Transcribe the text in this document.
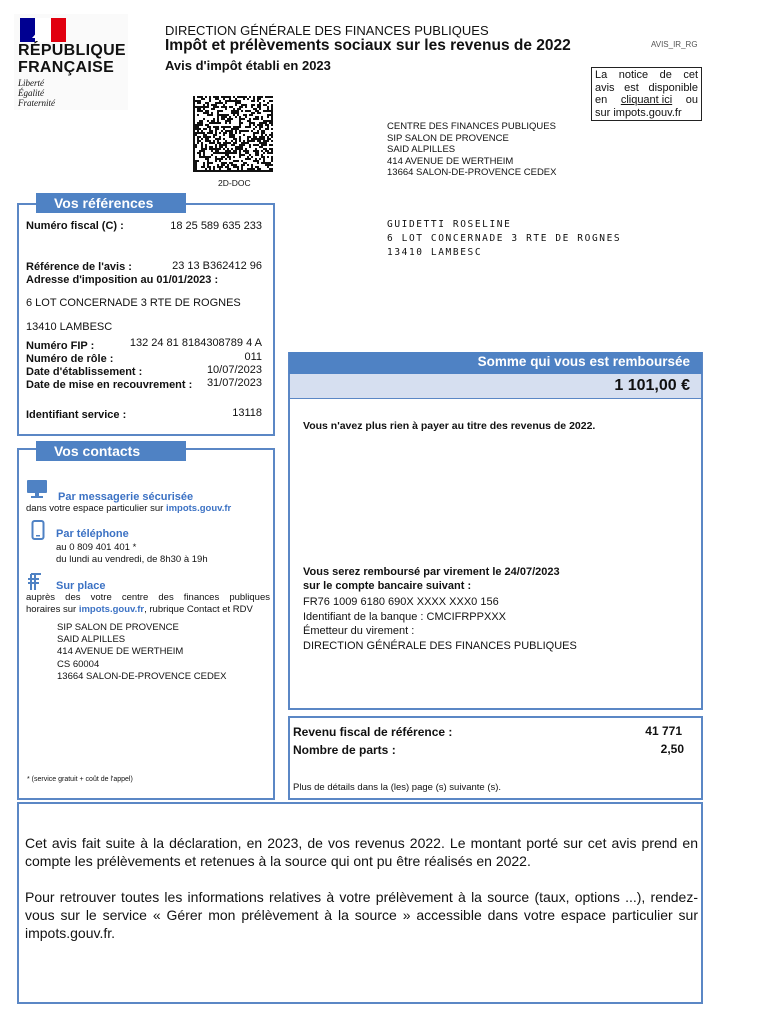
RÉPUBLIQUE
FRANÇAISE
Liberté
Égalité
Fraternité
DIRECTION GÉNÉRALE DES FINANCES PUBLIQUES
Impôt et prélèvements sociaux sur les revenus de 2022
Avis d'impôt établi en 2023
AVIS_IR_RG
La notice de cet
avis est disponible
en cliquant ici ou
sur impots.gouv.fr
2D-DOC
CENTRE DES FINANCES PUBLIQUES
SIP SALON DE PROVENCE
SAID ALPILLES
414 AVENUE DE WERTHEIM
13664 SALON-DE-PROVENCE CEDEX
GUIDETTI ROSELINE
6 LOT CONCERNADE 3 RTE DE ROGNES
13410 LAMBESC
Vos références
Numéro fiscal (C) :	18 25 589 635 233
Référence de l'avis :	23 13 B362412 96
Adresse d'imposition au 01/01/2023 :
6 LOT CONCERNADE 3 RTE DE ROGNES
13410 LAMBESC
Numéro FIP :	132 24 81 8184308789 4 A
Numéro de rôle :	011
Date d'établissement :	10/07/2023
Date de mise en recouvrement :	31/07/2023
Identifiant service :	13118
Vos contacts
Par messagerie sécurisée
dans votre espace particulier sur impots.gouv.fr
Par téléphone
au 0 809 401 401 *
du lundi au vendredi, de 8h30 à 19h
Sur place
auprès des votre centre des finances publiques
horaires sur impots.gouv.fr, rubrique Contact et RDV
SIP SALON DE PROVENCE
SAID ALPILLES
414 AVENUE DE WERTHEIM
CS 60004
13664 SALON-DE-PROVENCE CEDEX
* (service gratuit + coût de l'appel)
Somme qui vous est remboursée
1 101,00 €
Vous n'avez plus rien à payer au titre des revenus de 2022.
Vous serez remboursé par virement le 24/07/2023
sur le compte bancaire suivant :
FR76 1009 6180 690X XXXX XXX0 156
Identifiant de la banque : CMCIFRPPXXX
Émetteur du virement :
DIRECTION GÉNÉRALE DES FINANCES PUBLIQUES
Revenu fiscal de référence :	41 771
Nombre de parts :	2,50
Plus de détails dans la (les) page (s) suivante (s).
Cet avis fait suite à la déclaration, en 2023, de vos revenus 2022. Le montant porté sur cet avis prend en compte les prélèvements et retenues à la source qui ont pu être réalisés en 2022.
Pour retrouver toutes les informations relatives à votre prélèvement à la source (taux, options ...), rendez-vous sur le service « Gérer mon prélèvement à la source » accessible dans votre espace particulier sur impots.gouv.fr.
